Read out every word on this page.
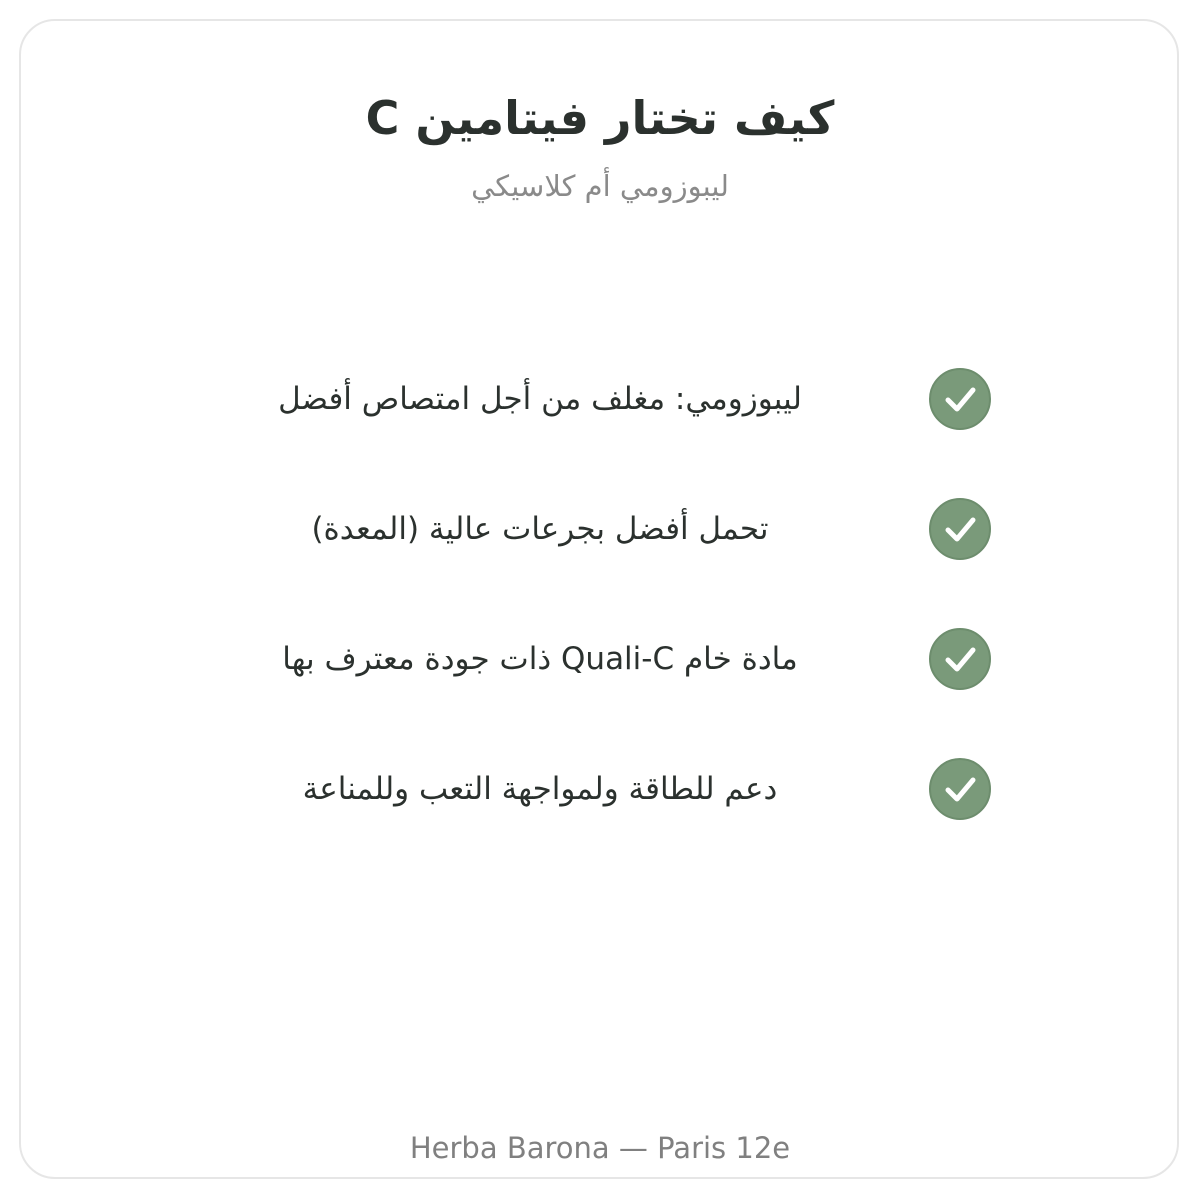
كيف تختار فيتامين C
ليبوزومي أم كلاسيكي
ليبوزومي: مغلف من أجل امتصاص أفضل
تحمل أفضل بجرعات عالية (المعدة)
مادة خام Quali-C ذات جودة معترف بها
دعم للطاقة ولمواجهة التعب وللمناعة
Herba Barona — Paris 12e
